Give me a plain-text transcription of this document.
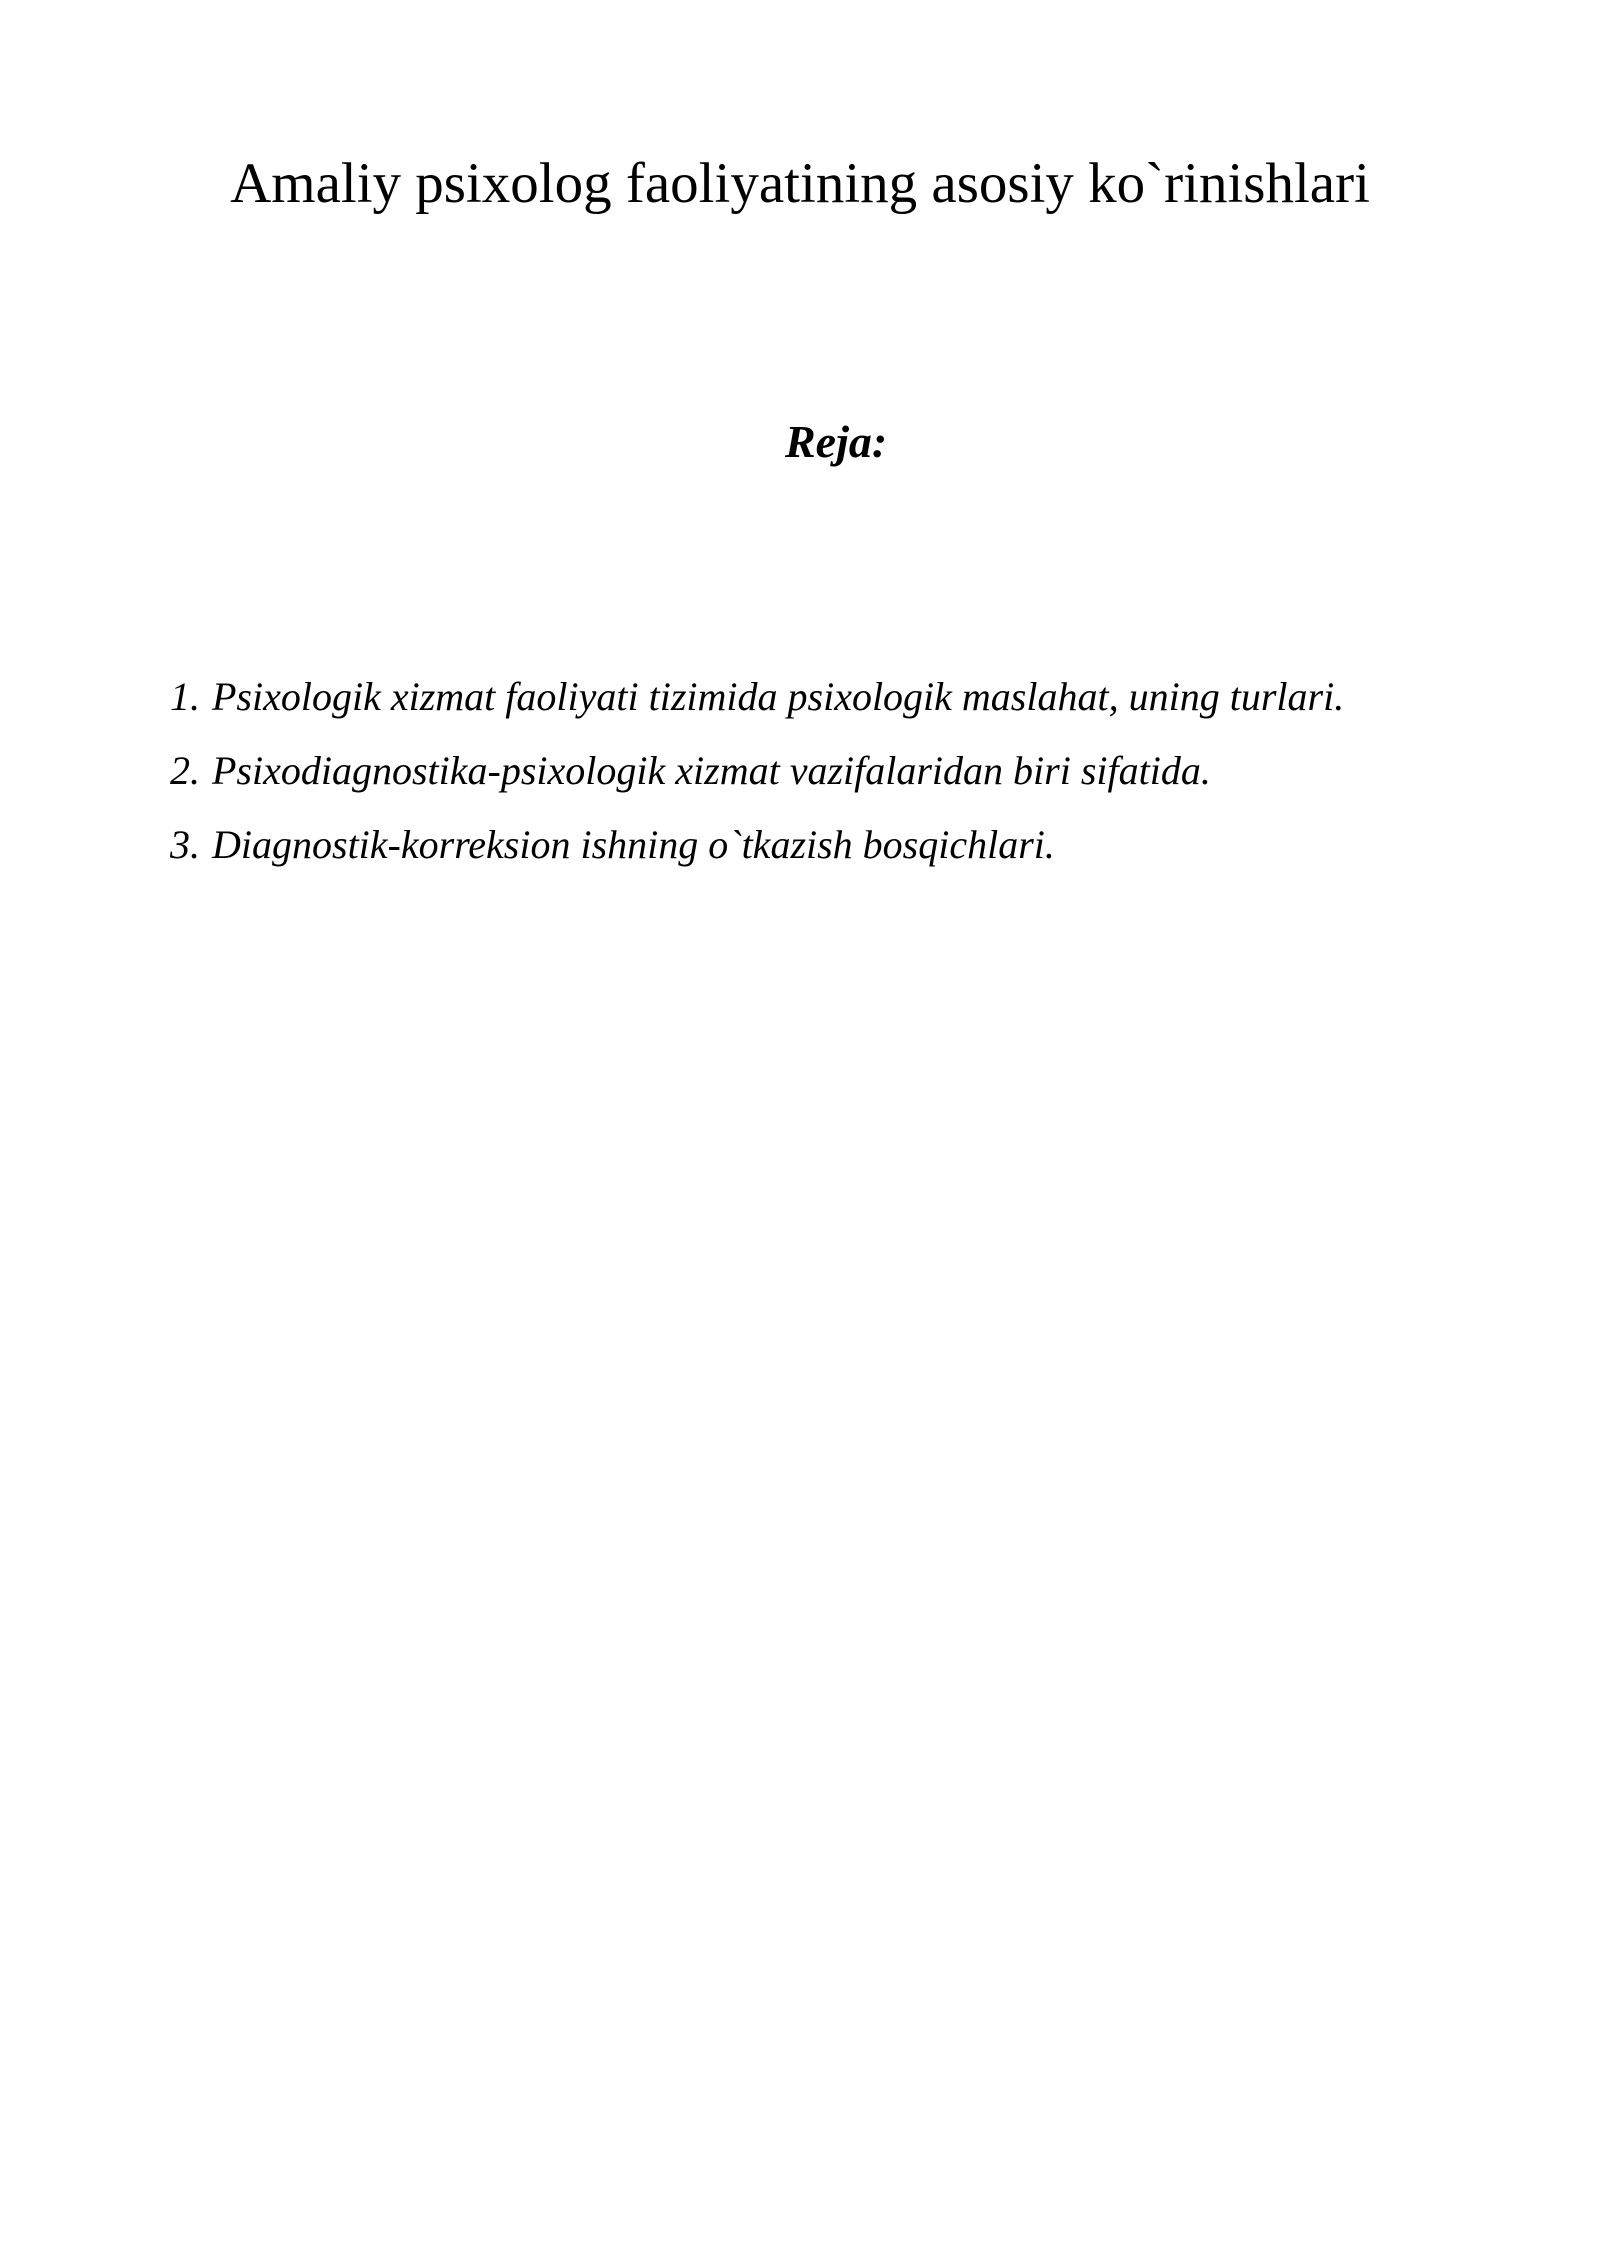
Amaliy psixolog faoliyatining asosiy ko`rinishlari
Reja:
1. Psixologik xizmat faoliyati tizimida psixologik maslahat, uning turlari.
2. Psixodiagnostika-psixologik xizmat vazifalaridan biri sifatida.
3. Diagnostik-korreksion ishning o`tkazish bosqichlari.
